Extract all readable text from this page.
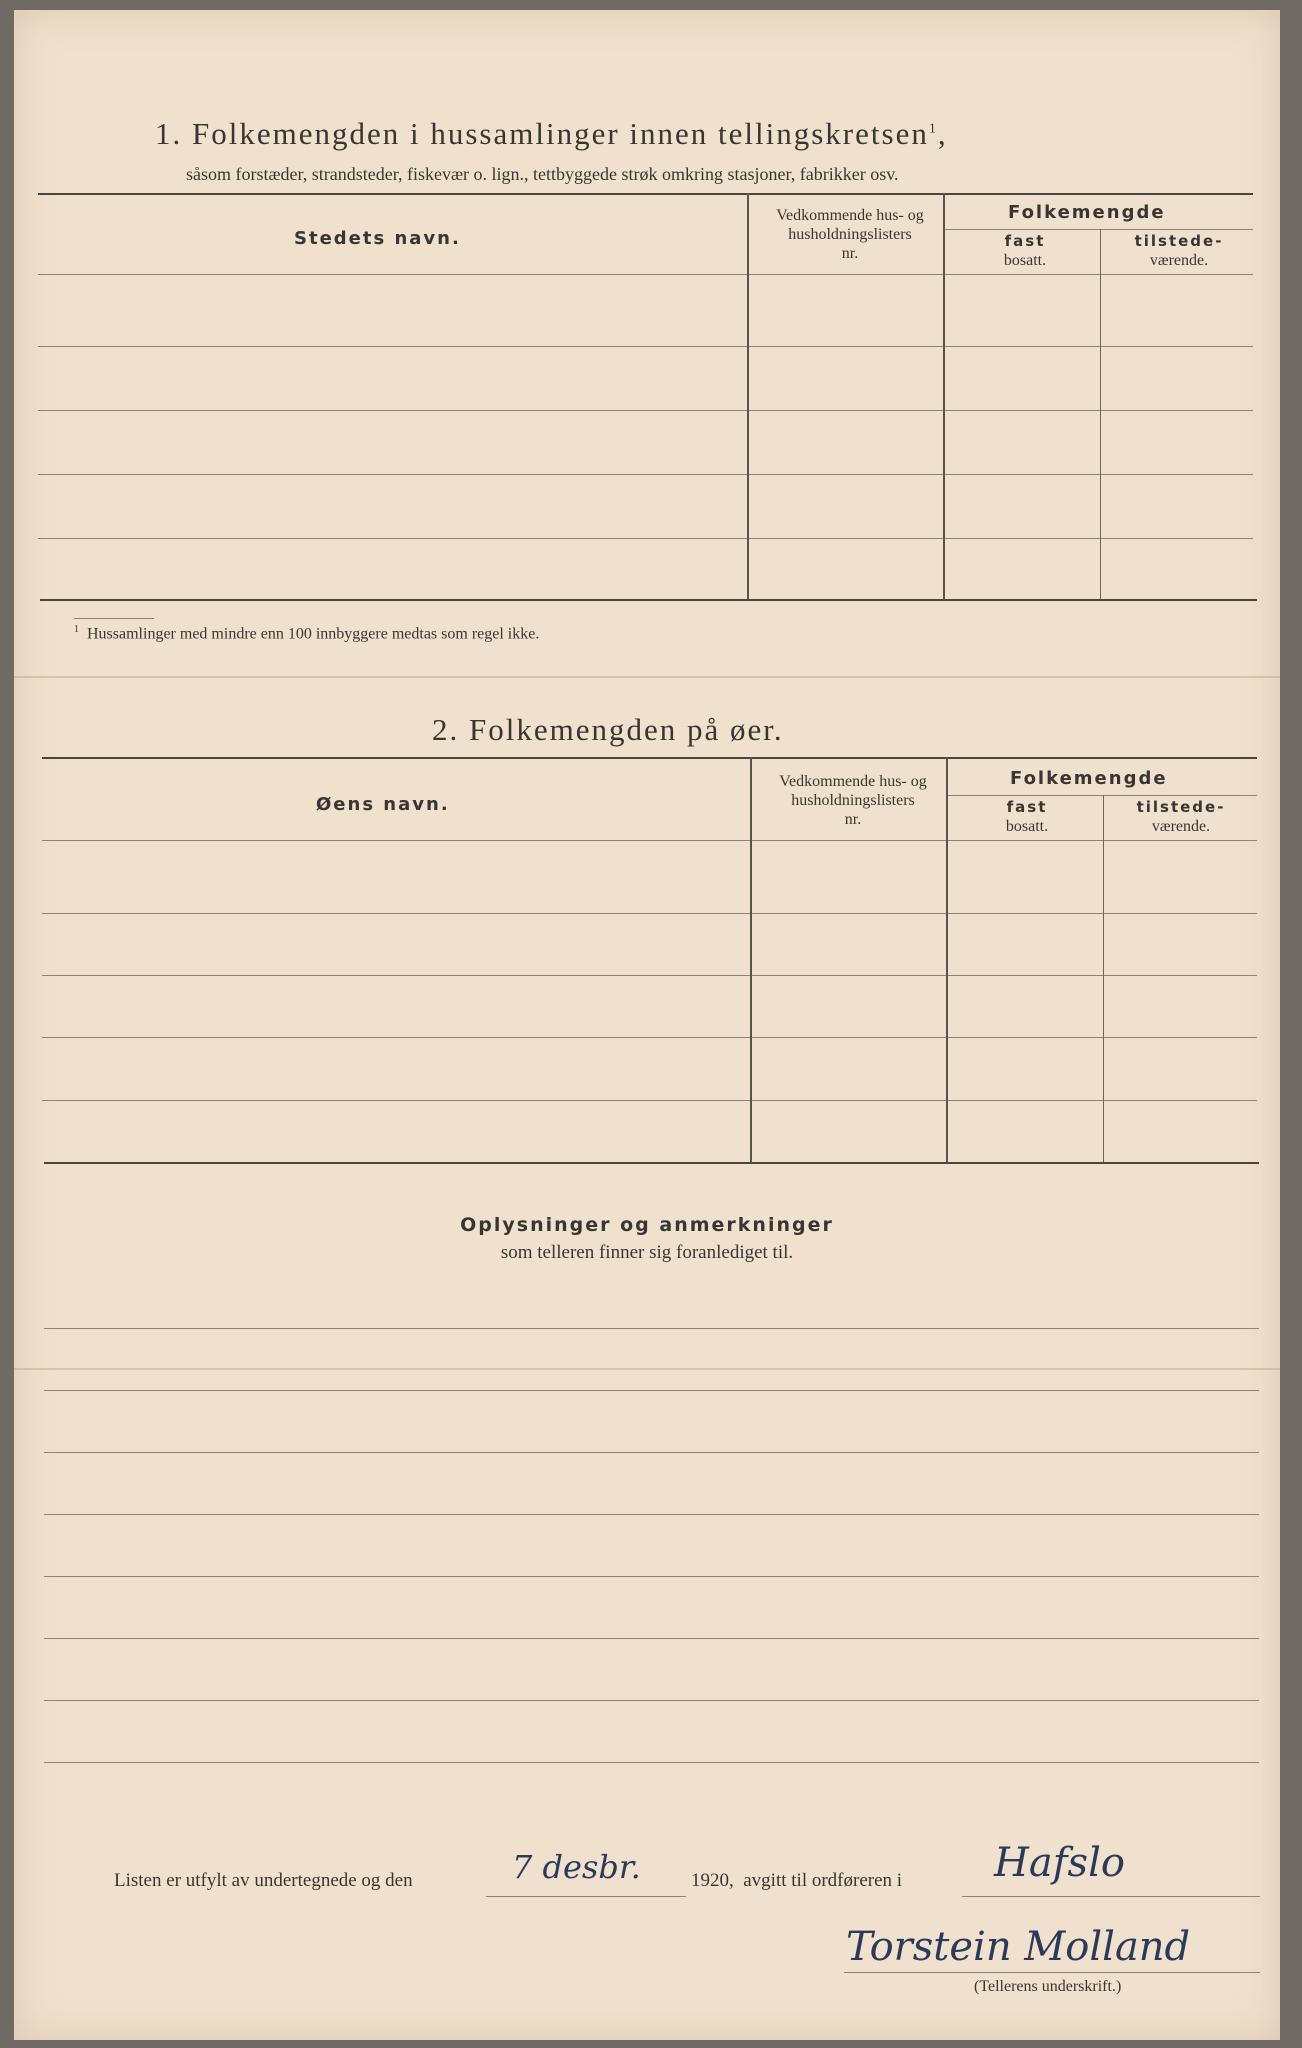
1. Folkemengden i hussamlinger innen tellingskretsen$^1$,
såsom forstæder, strandsteder, fiskevær o. lign., tettbyggede strøk omkring stasjoner, fabrikker osv.
Stedets navn.
Vedkommende hus- og
husholdningslisters
nr.
Folkemengde
fast
bosatt.
tilstede-
værende.
$^1$ Hussamlinger med mindre enn 100 innbyggere medtas som regel ikke.
2. Folkemengden på øer.
Øens navn.
Vedkommende hus- og
husholdningslisters
nr.
Folkemengde
fast
bosatt.
tilstede-
værende.
Oplysninger og anmerkninger
som telleren finner sig foranlediget til.
Listen er utfylt av undertegnede og den	7 desbr.	1920,  avgitt til ordføreren i Hafslo
Torstein Molland
(Tellerens underskrift.)
